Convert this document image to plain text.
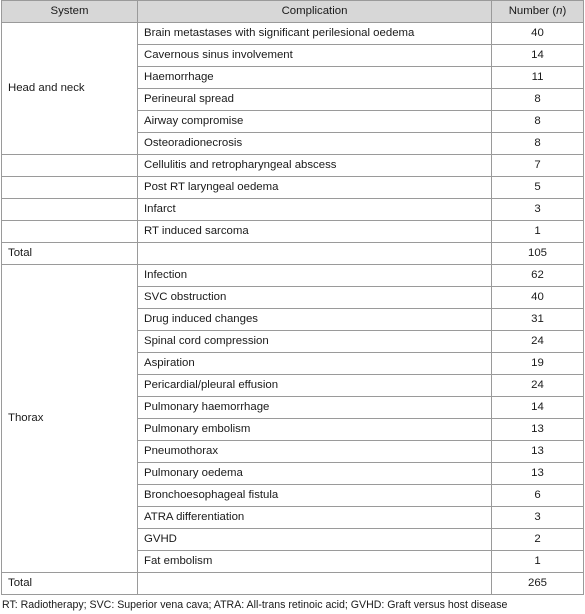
System	Complication	Number (n)
Head and neck	Brain metastases with significant perilesional oedema	40
	Cavernous sinus involvement	14
	Haemorrhage	11
	Perineural spread	8
	Airway compromise	8
	Osteoradionecrosis	8
	Cellulitis and retropharyngeal abscess	7
	Post RT laryngeal oedema	5
	Infarct	3
	RT induced sarcoma	1
Total		105
Thorax	Infection	62
	SVC obstruction	40
	Drug induced changes	31
	Spinal cord compression	24
	Aspiration	19
	Pericardial/pleural effusion	24
	Pulmonary haemorrhage	14
	Pulmonary embolism	13
	Pneumothorax	13
	Pulmonary oedema	13
	Bronchoesophageal fistula	6
	ATRA differentiation	3
	GVHD	2
	Fat embolism	1
Total		265
RT: Radiotherapy; SVC: Superior vena cava; ATRA: All-trans retinoic acid; GVHD: Graft versus host disease
